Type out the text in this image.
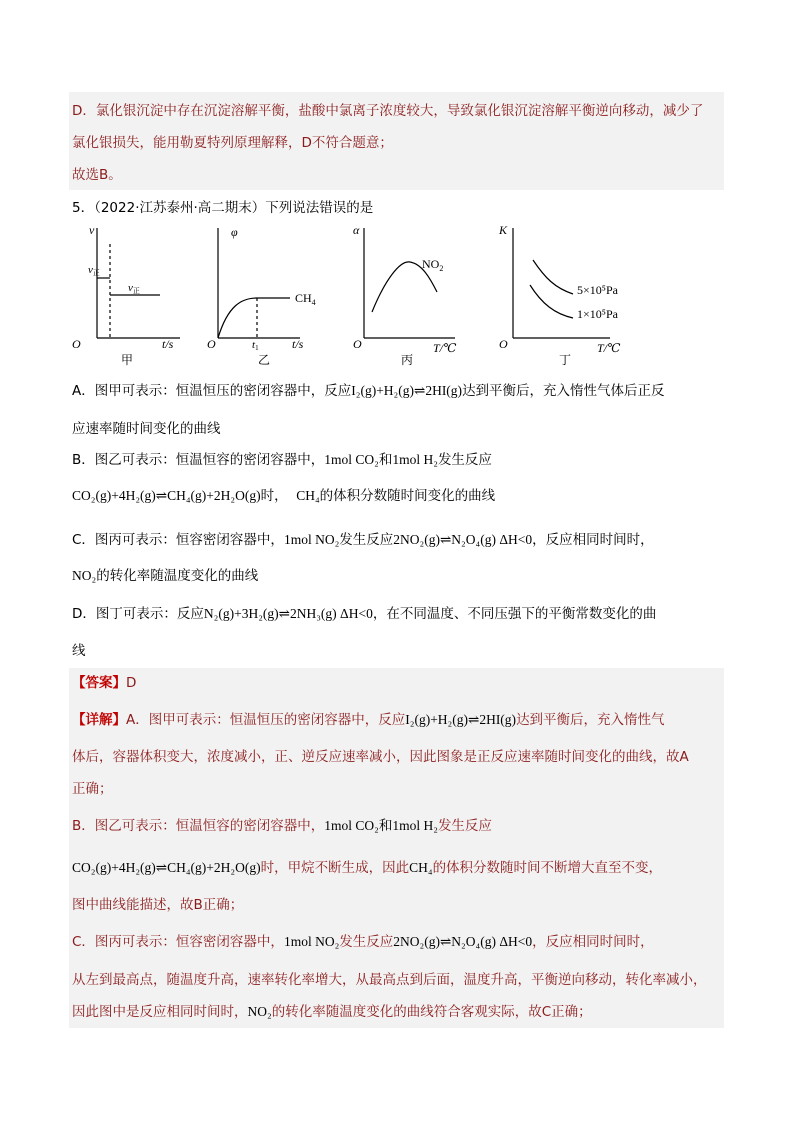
D．氯化银沉淀中存在沉淀溶解平衡，盐酸中氯离子浓度较大，导致氯化银沉淀溶解平衡逆向移动，减少了
氯化银损失，能用勒夏特列原理解释，D不符合题意；
故选B。
5．（2022·江苏泰州·高二期末）下列说法错误的是
v
O
v正
v正
t/s
甲
φ
O	t1
$CH_4$
t/s
乙
α
O
$NO_2$
T/℃
丙
K
O
5×10⁵Pa
1×10⁵Pa
T/℃
丁
A．图甲可表示：恒温恒压的密闭容器中，反应I₂(g)+H₂(g)⇌2HI(g)达到平衡后，充入惰性气体后正反
应速率随时间变化的曲线
B．图乙可表示：恒温恒容的密闭容器中，1mol CO₂和1mol H₂发生反应
CO₂(g)+4H₂(g)⇌CH₄(g)+2H₂O(g)时， CH₄的体积分数随时间变化的曲线
C．图丙可表示：恒容密闭容器中，1mol NO₂发生反应2NO₂(g)⇌N₂O₄(g) ΔH<0，反应相同时间时，
NO₂的转化率随温度变化的曲线
D．图丁可表示：反应N₂(g)+3H₂(g)⇌2NH₃(g) ΔH<0，在不同温度、不同压强下的平衡常数变化的曲
线
【答案】D
【详解】A．图甲可表示：恒温恒压的密闭容器中，反应I₂(g)+H₂(g)⇌2HI(g)达到平衡后，充入惰性气
体后，容器体积变大，浓度减小，正、逆反应速率减小，因此图象是正反应速率随时间变化的曲线，故A
正确；
B．图乙可表示：恒温恒容的密闭容器中，1mol CO₂和1mol H₂发生反应
CO₂(g)+4H₂(g)⇌CH₄(g)+2H₂O(g)时，甲烷不断生成，因此CH₄的体积分数随时间不断增大直至不变，
图中曲线能描述，故B正确；
C．图丙可表示：恒容密闭容器中，1mol NO₂发生反应2NO₂(g)⇌N₂O₄(g) ΔH<0，反应相同时间时，
从左到最高点，随温度升高，速率转化率增大，从最高点到后面，温度升高，平衡逆向移动，转化率减小，
因此图中是反应相同时间时，NO₂的转化率随温度变化的曲线符合客观实际，故C正确；
